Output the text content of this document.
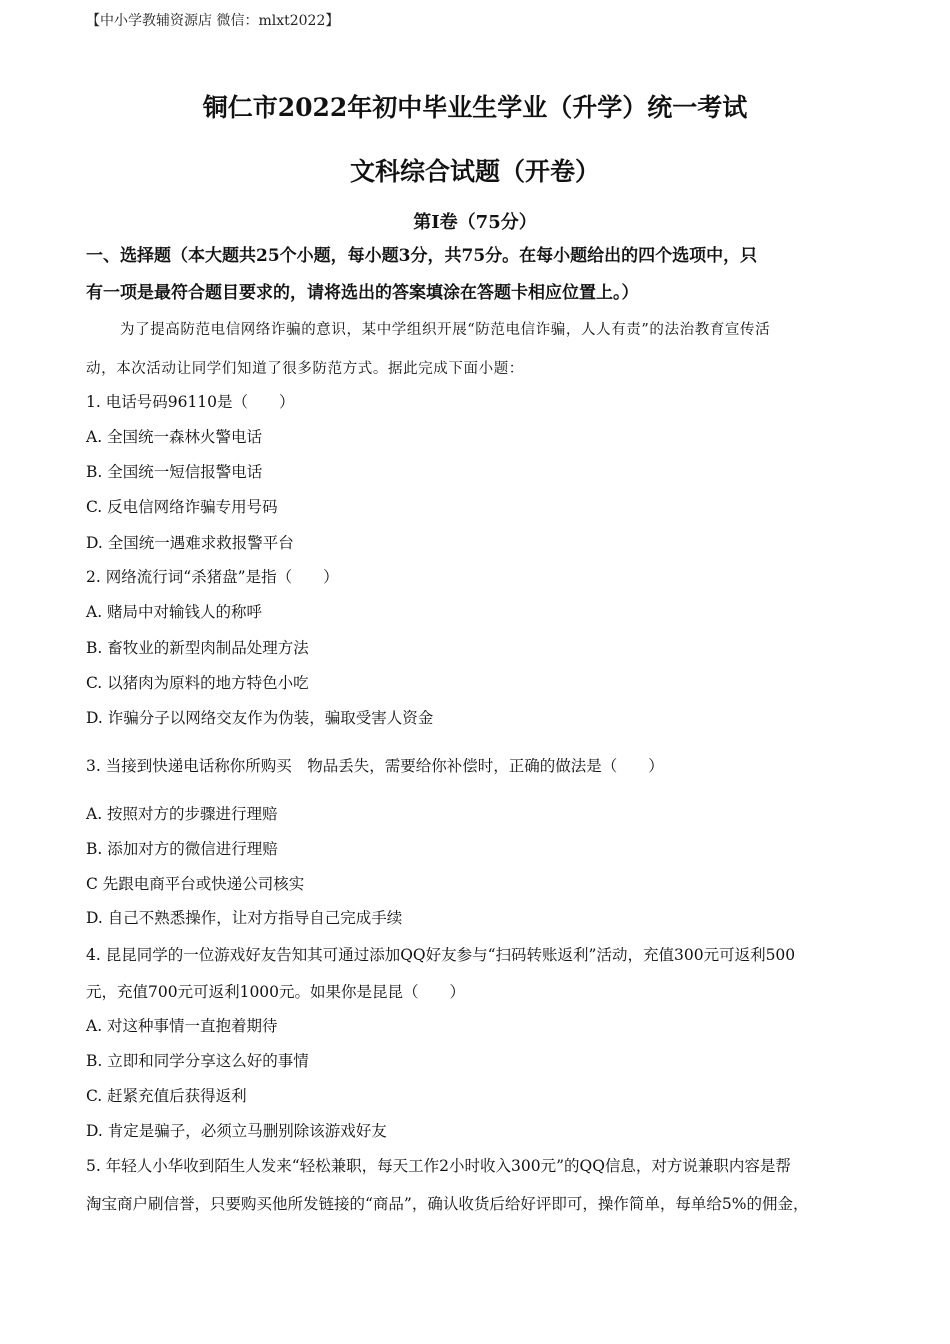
【中小学教辅资源店 微信：mlxt2022】
铜仁市2022年初中毕业生学业（升学）统一考试
文科综合试题（开卷）
第I卷（75分）
一、选择题（本大题共25个小题，每小题3分，共75分。在每小题给出的四个选项中，只
有一项是最符合题目要求的，请将选出的答案填涂在答题卡相应位置上。）
为了提高防范电信网络诈骗的意识，某中学组织开展“防范电信诈骗，人人有责”的法治教育宣传活
动，本次活动让同学们知道了很多防范方式。据此完成下面小题：
1. 电话号码96110是（　　）
A. 全国统一森林火警电话
B. 全国统一短信报警电话
C. 反电信网络诈骗专用号码
D. 全国统一遇难求救报警平台
2. 网络流行词“杀猪盘”是指（　　）
A. 赌局中对输钱人的称呼
B. 畜牧业的新型肉制品处理方法
C. 以猪肉为原料的地方特色小吃
D. 诈骗分子以网络交友作为伪装，骗取受害人资金
3. 当接到快递电话称你所购买　物品丢失，需要给你补偿时，正确的做法是（　　）
A. 按照对方的步骤进行理赔
B. 添加对方的微信进行理赔
C 先跟电商平台或快递公司核实
D. 自己不熟悉操作，让对方指导自己完成手续
4. 昆昆同学的一位游戏好友告知其可通过添加QQ好友参与“扫码转账返利”活动，充值300元可返利500
元，充值700元可返利1000元。如果你是昆昆（　　）
A. 对这种事情一直抱着期待
B. 立即和同学分享这么好的事情
C. 赶紧充值后获得返利
D. 肯定是骗子，必须立马删别除该游戏好友
5. 年轻人小华收到陌生人发来“轻松兼职，每天工作2小时收入300元”的QQ信息，对方说兼职内容是帮
淘宝商户刷信誉，只要购买他所发链接的“商品”，确认收货后给好评即可，操作简单，每单给5%的佣金，
